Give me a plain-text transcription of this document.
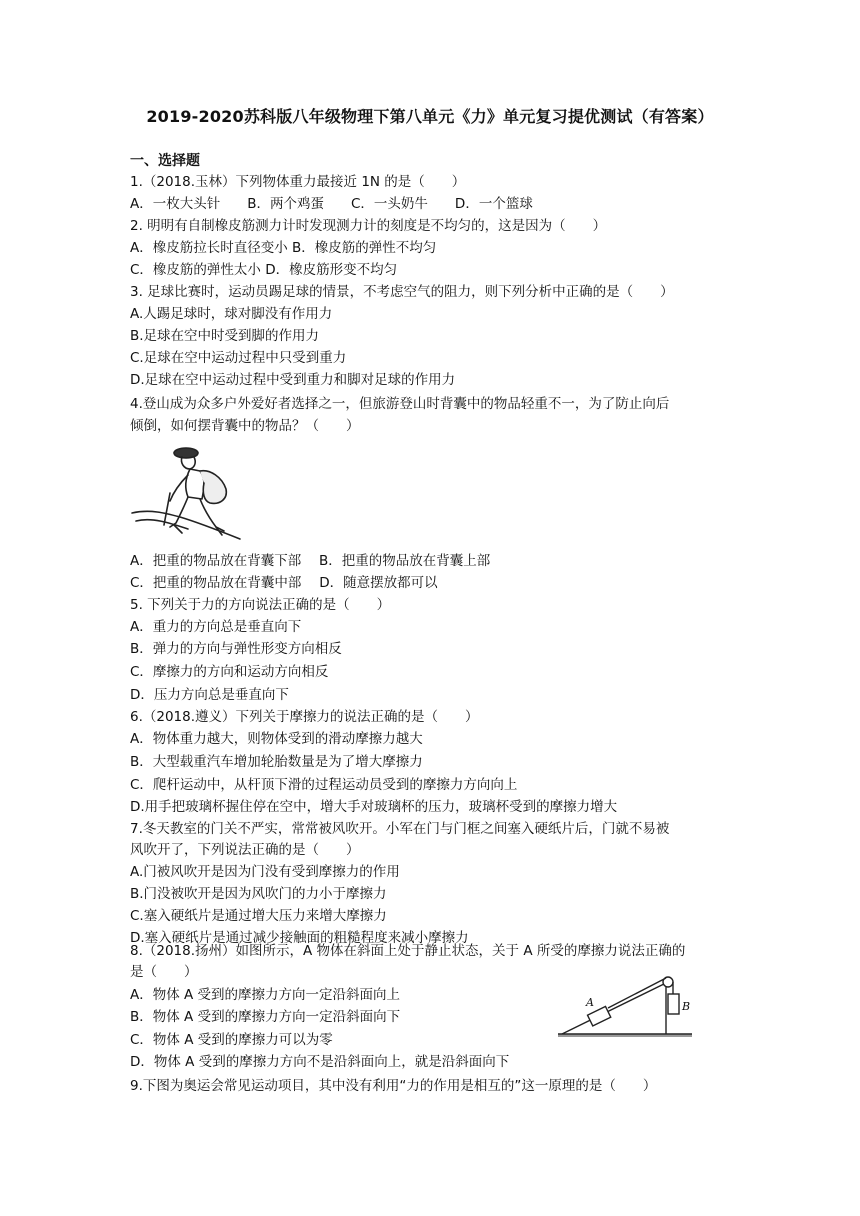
2019-2020苏科版八年级物理下第八单元《力》单元复习提优测试（有答案）
一、选择题
1.（2018.玉林）下列物体重力最接近 1N 的是（　　）
A．一枚大头针　　B．两个鸡蛋　　C．一头奶牛　　D．一个篮球
2. 明明有自制橡皮筋测力计时发现测力计的刻度是不均匀的，这是因为（　　）
A．橡皮筋拉长时直径变小 B．橡皮筋的弹性不均匀
C．橡皮筋的弹性太小 D．橡皮筋形变不均匀
3. 足球比赛时，运动员踢足球的情景，不考虑空气的阻力，则下列分析中正确的是（　　）
A.人踢足球时，球对脚没有作用力
B.足球在空中时受到脚的作用力
C.足球在空中运动过程中只受到重力
D.足球在空中运动过程中受到重力和脚对足球的作用力
4.登山成为众多户外爱好者选择之一，但旅游登山时背囊中的物品轻重不一，为了防止向后
倾倒，如何摆背囊中的物品？（　　）
A．把重的物品放在背囊下部　 B．把重的物品放在背囊上部
C．把重的物品放在背囊中部　 D．随意摆放都可以
5. 下列关于力的方向说法正确的是（　　）
A．重力的方向总是垂直向下
B．弹力的方向与弹性形变方向相反
C．摩擦力的方向和运动方向相反
D．压力方向总是垂直向下
6.（2018.遵义）下列关于摩擦力的说法正确的是（　　）
A．物体重力越大，则物体受到的滑动摩擦力越大
B．大型载重汽车增加轮胎数量是为了增大摩擦力
C．爬杆运动中，从杆顶下滑的过程运动员受到的摩擦力方向向上
D.用手把玻璃杯握住停在空中，增大手对玻璃杯的压力，玻璃杯受到的摩擦力增大
7.冬天教室的门关不严实，常常被风吹开。小军在门与门框之间塞入硬纸片后，门就不易被
风吹开了，下列说法正确的是（　　）
A.门被风吹开是因为门没有受到摩擦力的作用
B.门没被吹开是因为风吹门的力小于摩擦力
C.塞入硬纸片是通过增大压力来增大摩擦力
D.塞入硬纸片是通过减少接触面的粗糙程度来减小摩擦力
8.（2018.扬州）如图所示，A 物体在斜面上处于静止状态，关于 A 所受的摩擦力说法正确的
是（　　）
A．物体 A 受到的摩擦力方向一定沿斜面向上
B．物体 A 受到的摩擦力方向一定沿斜面向下
C．物体 A 受到的摩擦力可以为零
D．物体 A 受到的摩擦力方向不是沿斜面向上，就是沿斜面向下
9.下图为奥运会常见运动项目，其中没有利用“力的作用是相互的”这一原理的是（　　）
A	B
